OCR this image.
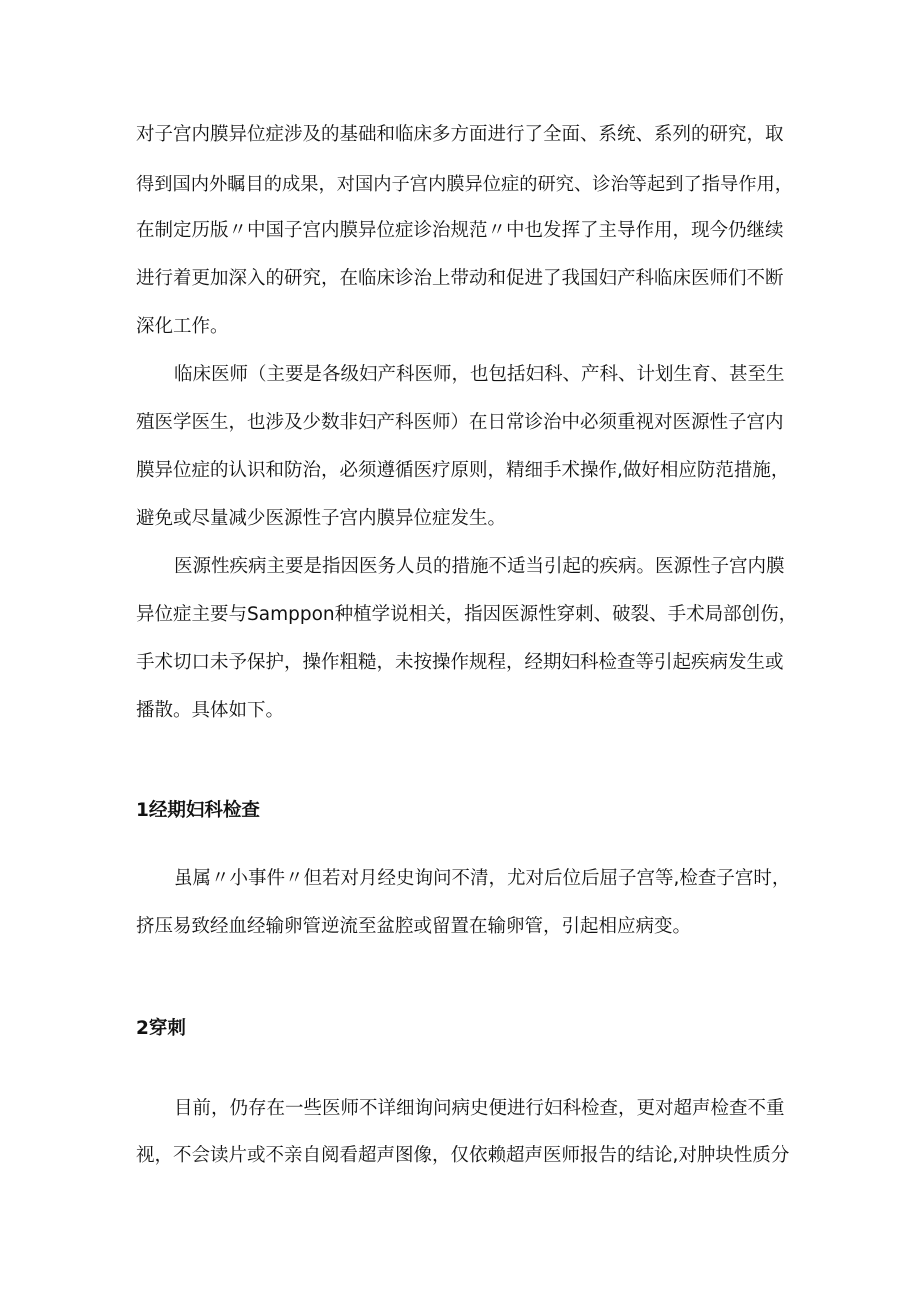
对子宫内膜异位症涉及的基础和临床多方面进行了全面、系统、系列的研究，取
得到国内外瞩目的成果，对国内子宫内膜异位症的研究、诊治等起到了指导作用，
在制定历版〃中国子宫内膜异位症诊治规范〃中也发挥了主导作用，现今仍继续
进行着更加深入的研究，在临床诊治上带动和促进了我国妇产科临床医师们不断
深化工作。
临床医师（主要是各级妇产科医师，也包括妇科、产科、计划生育、甚至生
殖医学医生，也涉及少数非妇产科医师）在日常诊治中必须重视对医源性子宫内
膜异位症的认识和防治，必须遵循医疗原则，精细手术操作,做好相应防范措施，
避免或尽量减少医源性子宫内膜异位症发生。
医源性疾病主要是指因医务人员的措施不适当引起的疾病。医源性子宫内膜
异位症主要与Samppon种植学说相关，指因医源性穿刺、破裂、手术局部创伤，
手术切口未予保护，操作粗糙，未按操作规程，经期妇科检查等引起疾病发生或
播散。具体如下。
1经期妇科检查
虽属〃小事件〃但若对月经史询问不清，尤对后位后屈子宫等,检查子宫时，
挤压易致经血经输卵管逆流至盆腔或留置在输卵管，引起相应病变。
2穿刺
目前，仍存在一些医师不详细询问病史便进行妇科检查，更对超声检查不重
视，不会读片或不亲自阅看超声图像，仅依赖超声医师报告的结论,对肿块性质分
